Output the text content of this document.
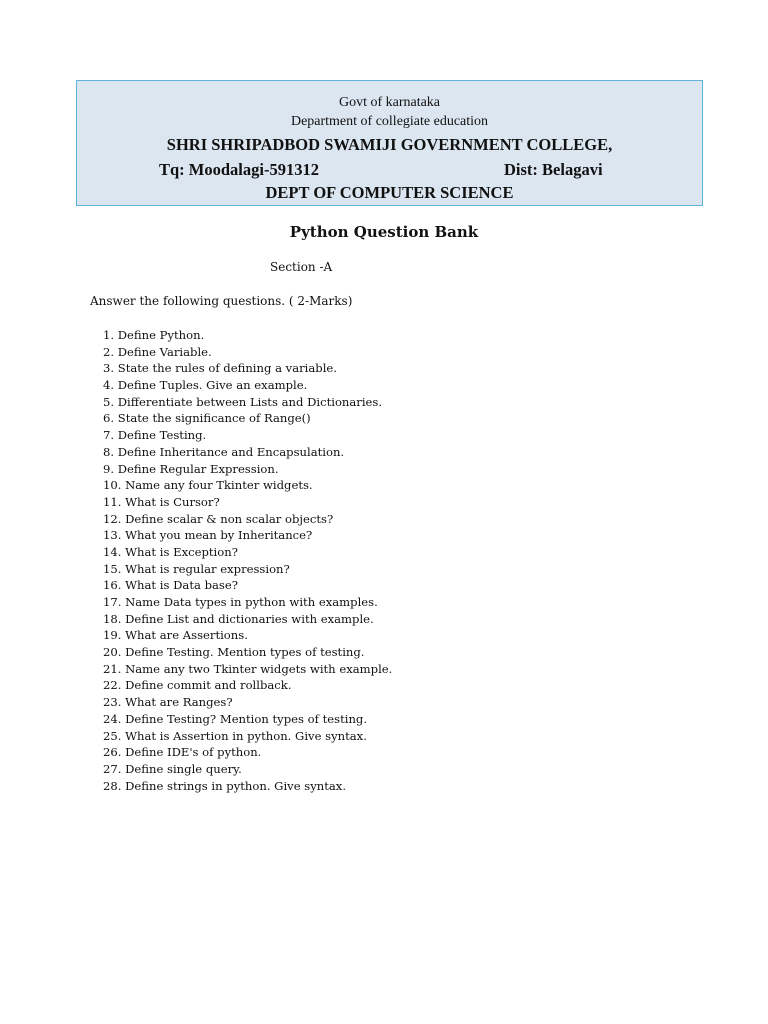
Govt of karnataka
Department of collegiate education
SHRI SHRIPADBOD SWAMIJI GOVERNMENT COLLEGE,
Tq: Moodalagi-591312	Dist: Belagavi
DEPT OF COMPUTER SCIENCE
Python Question Bank
Section -A
Answer the following questions. ( 2-Marks)
1. Define Python.
2. Define Variable.
3. State the rules of defining a variable.
4. Define Tuples. Give an example.
5. Differentiate between Lists and Dictionaries.
6. State the significance of Range()
7. Define Testing.
8. Define Inheritance and Encapsulation.
9. Define Regular Expression.
10. Name any four Tkinter widgets.
11. What is Cursor?
12. Define scalar & non scalar objects?
13. What you mean by Inheritance?
14. What is Exception?
15. What is regular expression?
16. What is Data base?
17. Name Data types in python with examples.
18. Define List and dictionaries with example.
19. What are Assertions.
20. Define Testing. Mention types of testing.
21. Name any two Tkinter widgets with example.
22. Define commit and rollback.
23. What are Ranges?
24. Define Testing? Mention types of testing.
25. What is Assertion in python. Give syntax.
26. Define IDE's of python.
27. Define single query.
28. Define strings in python. Give syntax.
